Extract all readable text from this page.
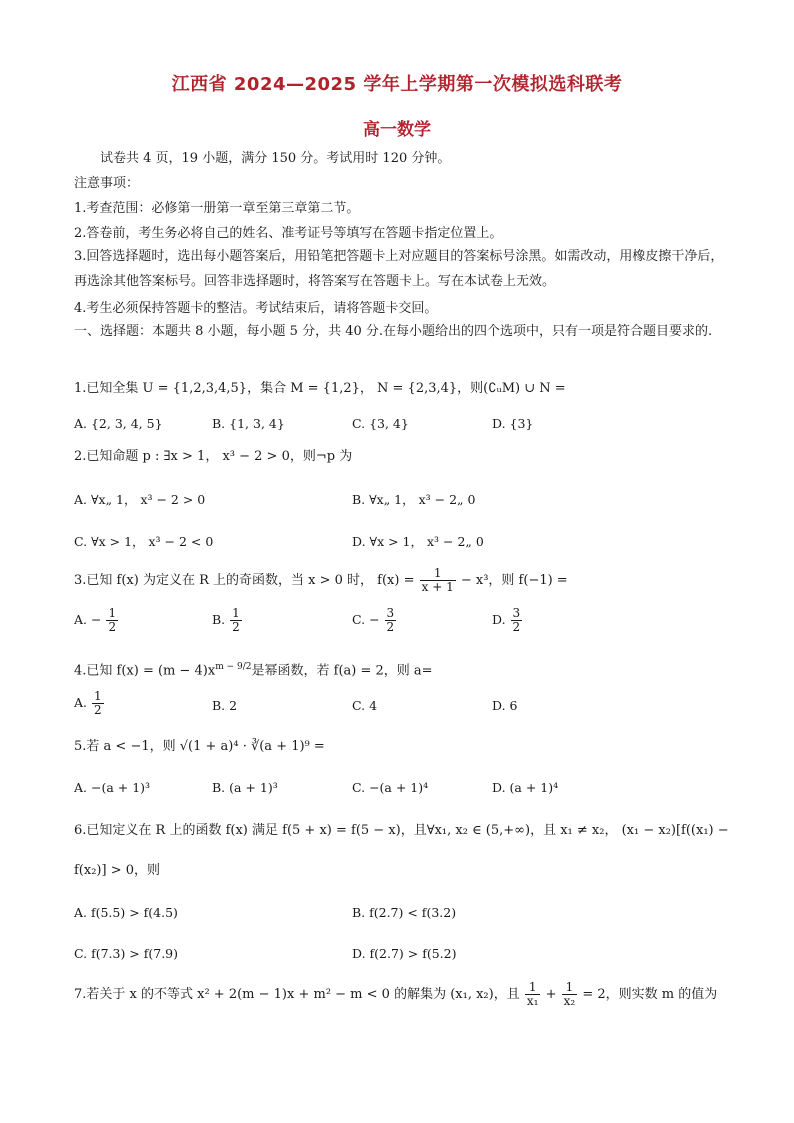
江西省 2024—2025 学年上学期第一次模拟选科联考
高一数学
试卷共 4 页，19 小题，满分 150 分。考试用时 120 分钟。
注意事项：
1.考查范围：必修第一册第一章至第三章第二节。
2.答卷前，考生务必将自己的姓名、准考证号等填写在答题卡指定位置上。
3.回答选择题时，选出每小题答案后，用铅笔把答题卡上对应题目的答案标号涂黑。如需改动，用橡皮擦干净后，再选涂其他答案标号。回答非选择题时，将答案写在答题卡上。写在本试卷上无效。
4.考生必须保持答题卡的整洁。考试结束后，请将答题卡交回。
一、选择题：本题共 8 小题，每小题 5 分，共 40 分.在每小题给出的四个选项中，只有一项是符合题目要求的.
1.已知全集 U = {1,2,3,4,5}，集合 M = {1,2}， N = {2,3,4}，则(∁ᵤM) ∪ N =
A. {2, 3, 4, 5}	B. {1, 3, 4}	C. {3, 4}	D. {3}
2.已知命题 p : ∃x > 1， x³ − 2 > 0，则¬p 为
A. ∀x„ 1， x³ − 2 > 0	B. ∀x„ 1， x³ − 2„ 0
C. ∀x > 1， x³ − 2 < 0	D. ∀x > 1， x³ − 2„ 0
3.已知 f(x) 为定义在 R 上的奇函数，当 x > 0 时， $f(x) = \frac{1}{x + 1} - x^3$，则 f(−1) =
A. − $\frac{1}{2}$	B. $\frac{1}{2}$	C. − $\frac{3}{2}$	D. $\frac{3}{2}$
4.已知 $f(x) = (m - 4)x^{m - 9/2}$是幂函数，若 f(a) = 2，则 a=
A. $\frac{1}{2}$	B. 2	C. 4	D. 6
5.若 a < −1，则 √(1 + a)⁴ · ∛(a + 1)⁹ =
A. −(a + 1)³	B. (a + 1)³	C. −(a + 1)⁴	D. (a + 1)⁴
6.已知定义在 R 上的函数 f(x) 满足 f(5 + x) = f(5 − x)，且∀x₁, x₂ ∈ (5,+∞)，且 x₁ ≠ x₂， (x₁ − x₂)[f((x₁) −
f(x₂)] > 0，则
A. f(5.5) > f(4.5)	B. f(2.7) < f(3.2)
C. f(7.3) > f(7.9)	D. f(2.7) > f(5.2)
7.若关于 x 的不等式 x² + 2(m − 1)x + m² − m < 0 的解集为 (x₁, x₂)，且 $\frac{1}{\text{x₁}} + \frac{1}{\text{x₂}} = 2$，则实数 m 的值为
